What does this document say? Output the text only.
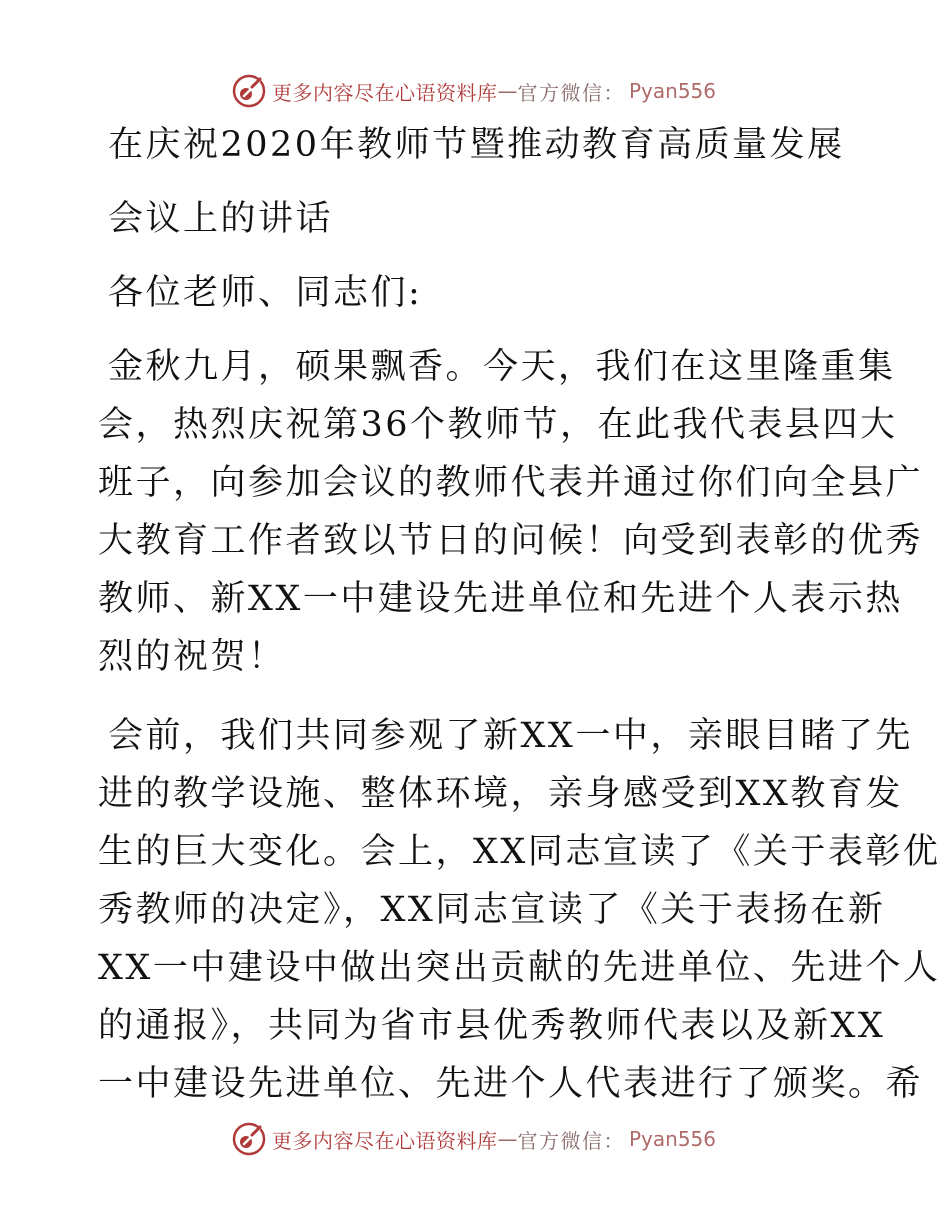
更多内容尽在心语资料库 — 官方微信： Pyan556
在庆祝2020年教师节暨推动教育高质量发展
会议上的讲话
各位老师、同志们:
金秋九月，硕果飘香。今天，我们在这里隆重集
会，热烈庆祝第36个教师节，在此我代表县四大
班子，向参加会议的教师代表并通过你们向全县广
大教育工作者致以节日的问候！向受到表彰的优秀
教师、新XX一中建设先进单位和先进个人表示热
烈的祝贺！
会前，我们共同参观了新XX一中，亲眼目睹了先
进的教学设施、整体环境，亲身感受到XX教育发
生的巨大变化。会上，XX同志宣读了《关于表彰优
秀教师的决定》，XX同志宣读了《关于表扬在新
XX一中建设中做出突出贡献的先进单位、先进个人
的通报》，共同为省市县优秀教师代表以及新XX
一中建设先进单位、先进个人代表进行了颁奖。希
更多内容尽在心语资料库 — 官方微信： Pyan556
